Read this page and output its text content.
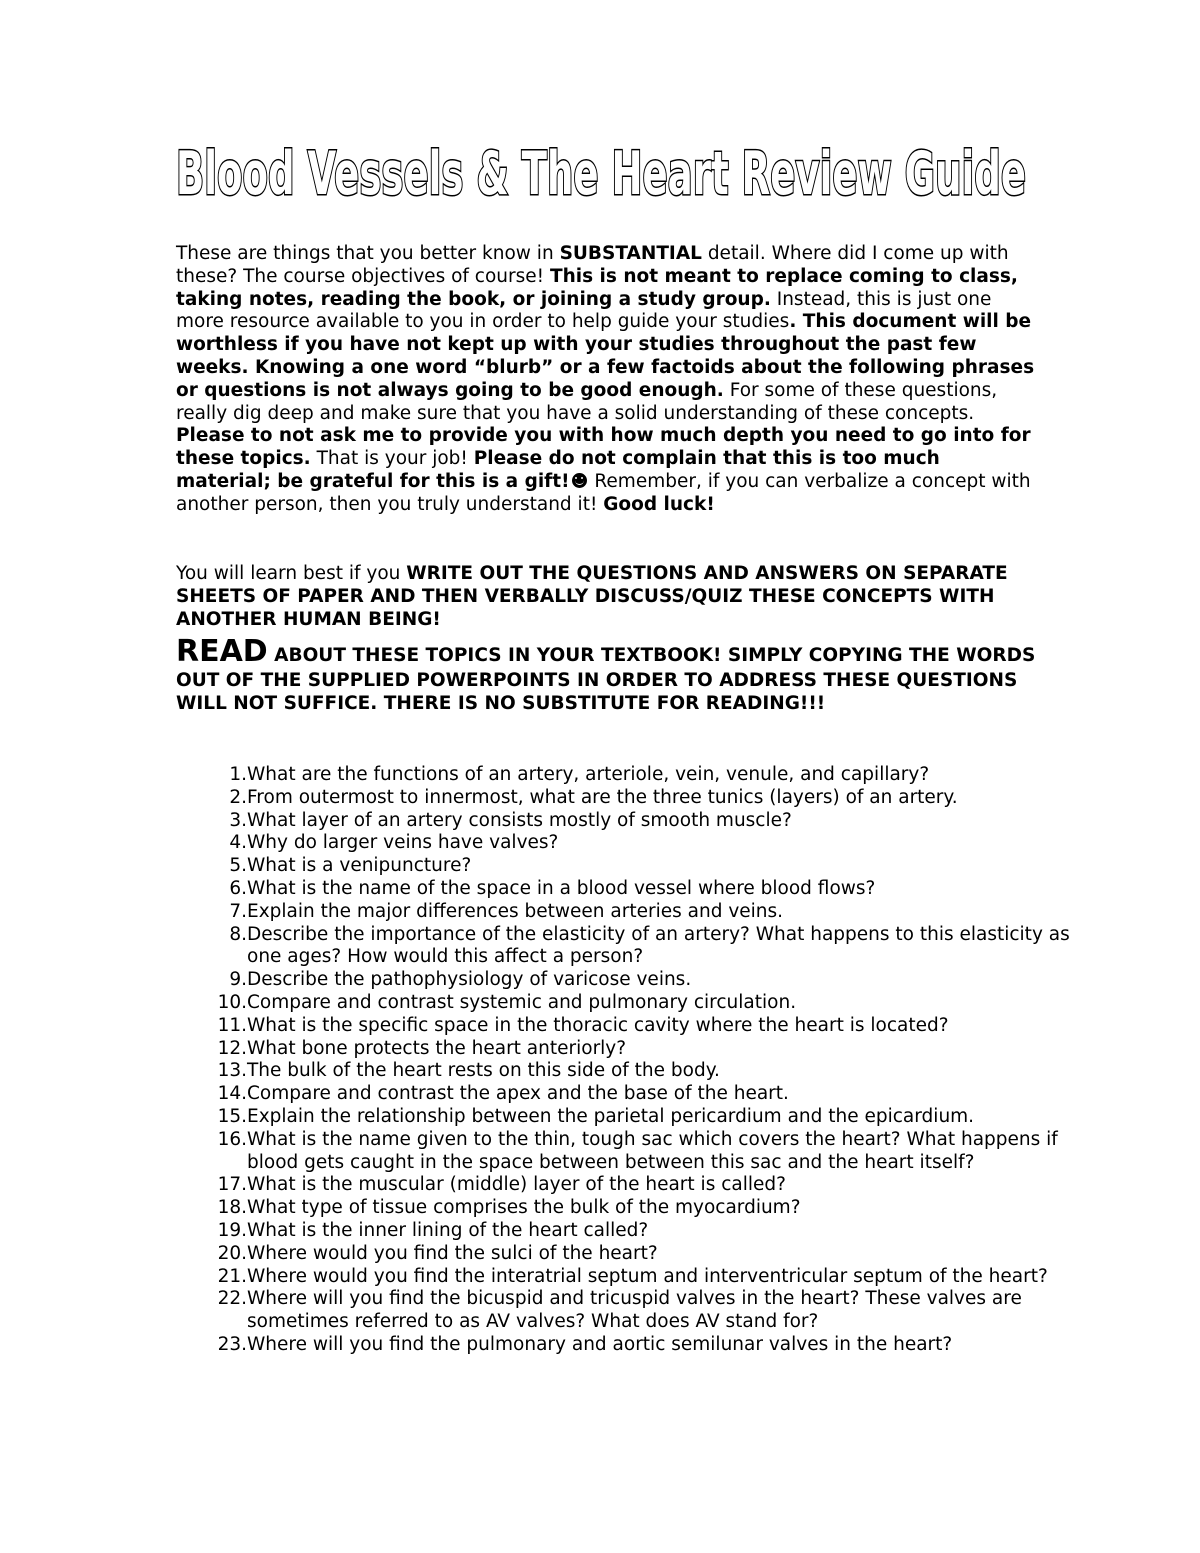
Blood Vessels & The Heart Review Guide
These are things that you better know in SUBSTANTIAL detail. Where did I come up with these? The course objectives of course! This is not meant to replace coming to class, taking notes, reading the book, or joining a study group. Instead, this is just one more resource available to you in order to help guide your studies. This document will be worthless if you have not kept up with your studies throughout the past few weeks. Knowing a one word “blurb” or a few factoids about the following phrases or questions is not always going to be good enough. For some of these questions, really dig deep and make sure that you have a solid understanding of these concepts. Please to not ask me to provide you with how much depth you need to go into for these topics. That is your job! Please do not complain that this is too much material; be grateful for this is a gift! Remember, if you can verbalize a concept with another person, then you truly understand it! Good luck!
You will learn best if you WRITE OUT THE QUESTIONS AND ANSWERS ON SEPARATE SHEETS OF PAPER AND THEN VERBALLY DISCUSS/QUIZ THESE CONCEPTS WITH ANOTHER HUMAN BEING!
READ ABOUT THESE TOPICS IN YOUR TEXTBOOK! SIMPLY COPYING THE WORDS OUT OF THE SUPPLIED POWERPOINTS IN ORDER TO ADDRESS THESE QUESTIONS WILL NOT SUFFICE. THERE IS NO SUBSTITUTE FOR READING!!!
1. What are the functions of an artery, arteriole, vein, venule, and capillary?
2. From outermost to innermost, what are the three tunics (layers) of an artery.
3. What layer of an artery consists mostly of smooth muscle?
4. Why do larger veins have valves?
5. What is a venipuncture?
6. What is the name of the space in a blood vessel where blood flows?
7. Explain the major differences between arteries and veins.
8. Describe the importance of the elasticity of an artery? What happens to this elasticity as one ages? How would this affect a person?
9. Describe the pathophysiology of varicose veins.
10. Compare and contrast systemic and pulmonary circulation.
11. What is the specific space in the thoracic cavity where the heart is located?
12. What bone protects the heart anteriorly?
13. The bulk of the heart rests on this side of the body.
14. Compare and contrast the apex and the base of the heart.
15. Explain the relationship between the parietal pericardium and the epicardium.
16. What is the name given to the thin, tough sac which covers the heart? What happens if blood gets caught in the space between between this sac and the heart itself?
17. What is the muscular (middle) layer of the heart is called?
18. What type of tissue comprises the bulk of the myocardium?
19. What is the inner lining of the heart called?
20. Where would you find the sulci of the heart?
21. Where would you find the interatrial septum and interventricular septum of the heart?
22. Where will you find the bicuspid and tricuspid valves in the heart? These valves are sometimes referred to as AV valves? What does AV stand for?
23. Where will you find the pulmonary and aortic semilunar valves in the heart?
